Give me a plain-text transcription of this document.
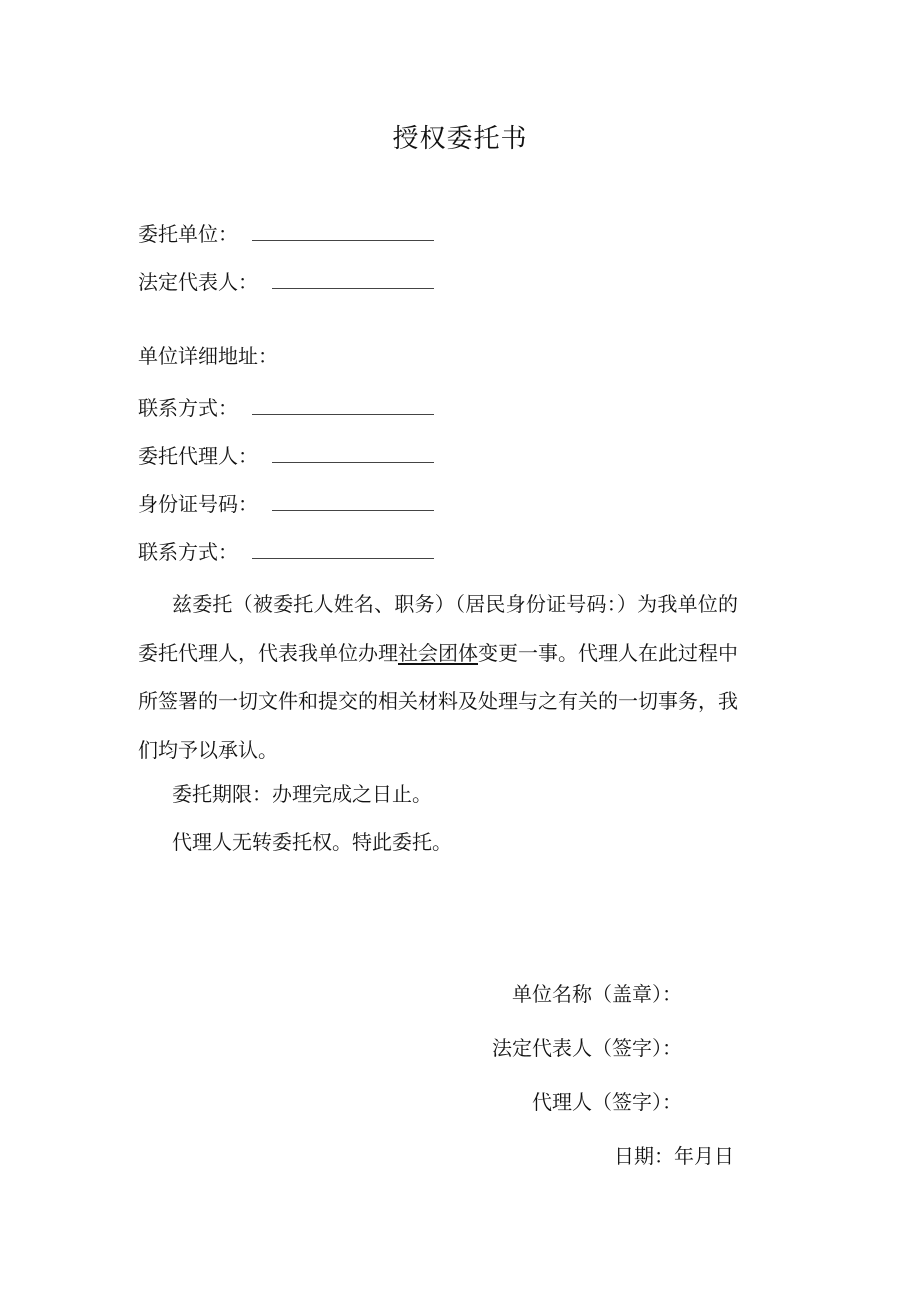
授权委托书
委托单位：
法定代表人：
单位详细地址：
联系方式：
委托代理人：
身份证号码：
联系方式：

兹委托（被委托人姓名、职务）（居民身份证号码：）为我单位的委托代理人，代表我单位办理社会团体变更一事。代理人在此过程中所签署的一切文件和提交的相关材料及处理与之有关的一切事务，我们均予以承认。

委托期限：办理完成之日止。
代理人无转委托权。特此委托。
单位名称（盖章）：
法定代表人（签字）：
代理人（签字）：
日期：年月日
